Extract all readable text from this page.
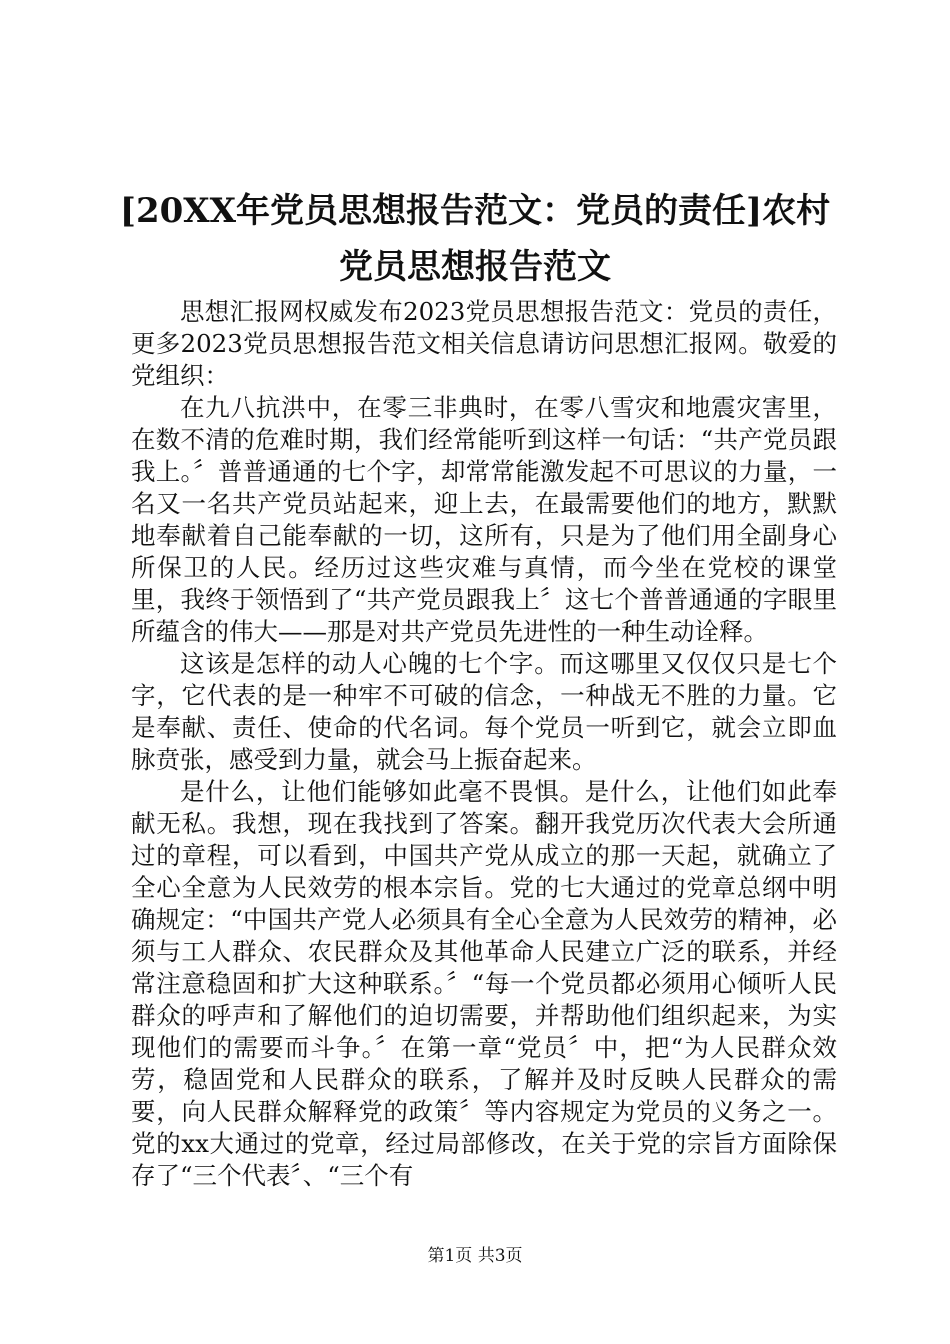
[20XX年党员思想报告范文：党员的责任]农村党员思想报告范文

思想汇报网权威发布2023党员思想报告范文：党员的责任，更多2023党员思想报告范文相关信息请访问思想汇报网。敬爱的党组织：

在九八抗洪中，在零三非典时，在零八雪灾和地震灾害里，在数不清的危难时期，我们经常能听到这样一句话：“共产党员跟我上。〞普普通通的七个字，却常常能激发起不可思议的力量，一名又一名共产党员站起来，迎上去，在最需要他们的地方，默默地奉献着自己能奉献的一切，这所有，只是为了他们用全副身心所保卫的人民。经历过这些灾难与真情，而今坐在党校的课堂里，我终于领悟到了“共产党员跟我上〞这七个普普通通的字眼里所蕴含的伟大——那是对共产党员先进性的一种生动诠释。

这该是怎样的动人心魄的七个字。而这哪里又仅仅只是七个字，它代表的是一种牢不可破的信念，一种战无不胜的力量。它是奉献、责任、使命的代名词。每个党员一听到它，就会立即血脉贲张，感受到力量，就会马上振奋起来。

是什么，让他们能够如此毫不畏惧。是什么，让他们如此奉献无私。我想，现在我找到了答案。翻开我党历次代表大会所通过的章程，可以看到，中国共产党从成立的那一天起，就确立了全心全意为人民效劳的根本宗旨。党的七大通过的党章总纲中明确规定：“中国共产党人必须具有全心全意为人民效劳的精神，必须与工人群众、农民群众及其他革命人民建立广泛的联系，并经常注意稳固和扩大这种联系。〞“每一个党员都必须用心倾听人民群众的呼声和了解他们的迫切需要，并帮助他们组织起来，为实现他们的需要而斗争。〞在第一章“党员〞中，把“为人民群众效劳，稳固党和人民群众的联系，了解并及时反映人民群众的需要，向人民群众解释党的政策〞等内容规定为党员的义务之一。党的xx大通过的党章，经过局部修改，在关于党的宗旨方面除保存了“三个代表〞、“三个有

第1页 共3页
